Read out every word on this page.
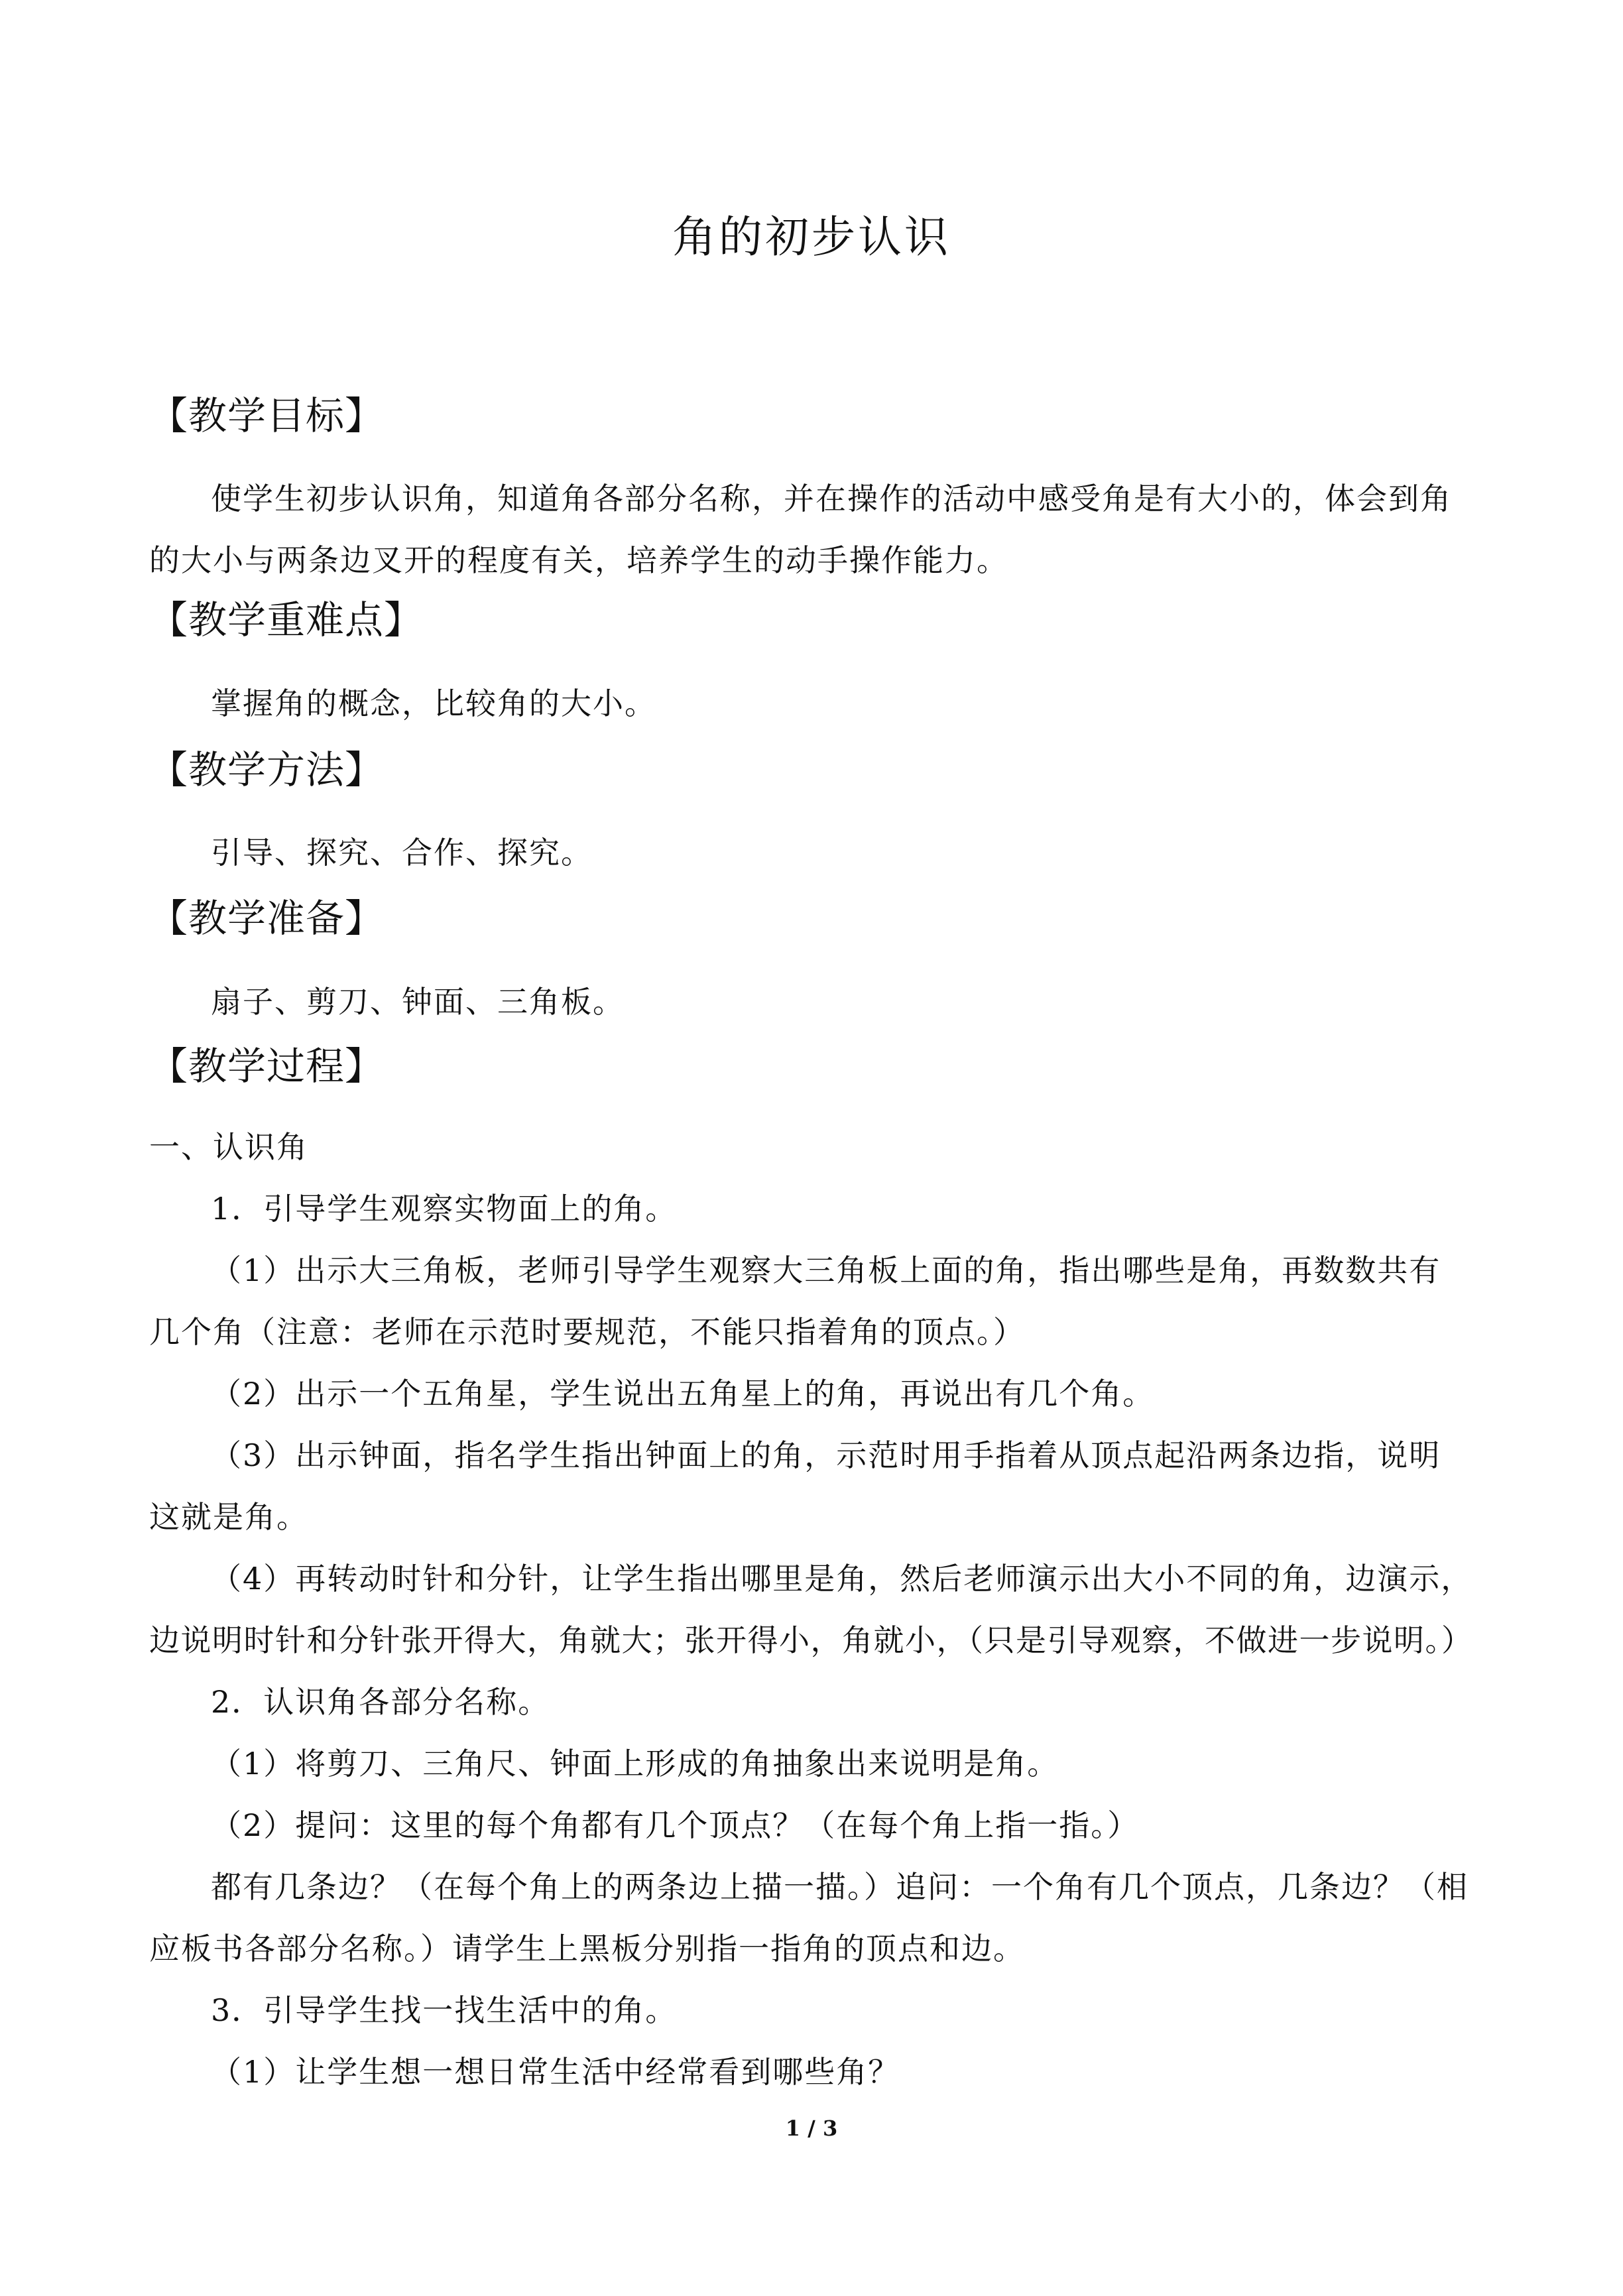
角的初步认识
【教学目标】

使学生初步认识角，知道角各部分名称，并在操作的活动中感受角是有大小的，体会到角

的大小与两条边叉开的程度有关，培养学生的动手操作能力。

【教学重难点】

掌握角的概念，比较角的大小。

【教学方法】

引导、探究、合作、探究。

【教学准备】

扇子、剪刀、钟面、三角板。

【教学过程】

一、认识角

1．引导学生观察实物面上的角。

（1）出示大三角板，老师引导学生观察大三角板上面的角，指出哪些是角，再数数共有

几个角（注意：老师在示范时要规范，不能只指着角的顶点。）

（2）出示一个五角星，学生说出五角星上的角，再说出有几个角。

（3）出示钟面，指名学生指出钟面上的角，示范时用手指着从顶点起沿两条边指，说明

这就是角。

（4）再转动时针和分针，让学生指出哪里是角，然后老师演示出大小不同的角，边演示，

边说明时针和分针张开得大，角就大；张开得小，角就小，（只是引导观察，不做进一步说明。）

2．认识角各部分名称。

（1）将剪刀、三角尺、钟面上形成的角抽象出来说明是角。

（2）提问：这里的每个角都有几个顶点？（在每个角上指一指。）

都有几条边？（在每个角上的两条边上描一描。）追问：一个角有几个顶点，几条边？（相

应板书各部分名称。）请学生上黑板分别指一指角的顶点和边。

3．引导学生找一找生活中的角。

（1）让学生想一想日常生活中经常看到哪些角？

1 / 3
